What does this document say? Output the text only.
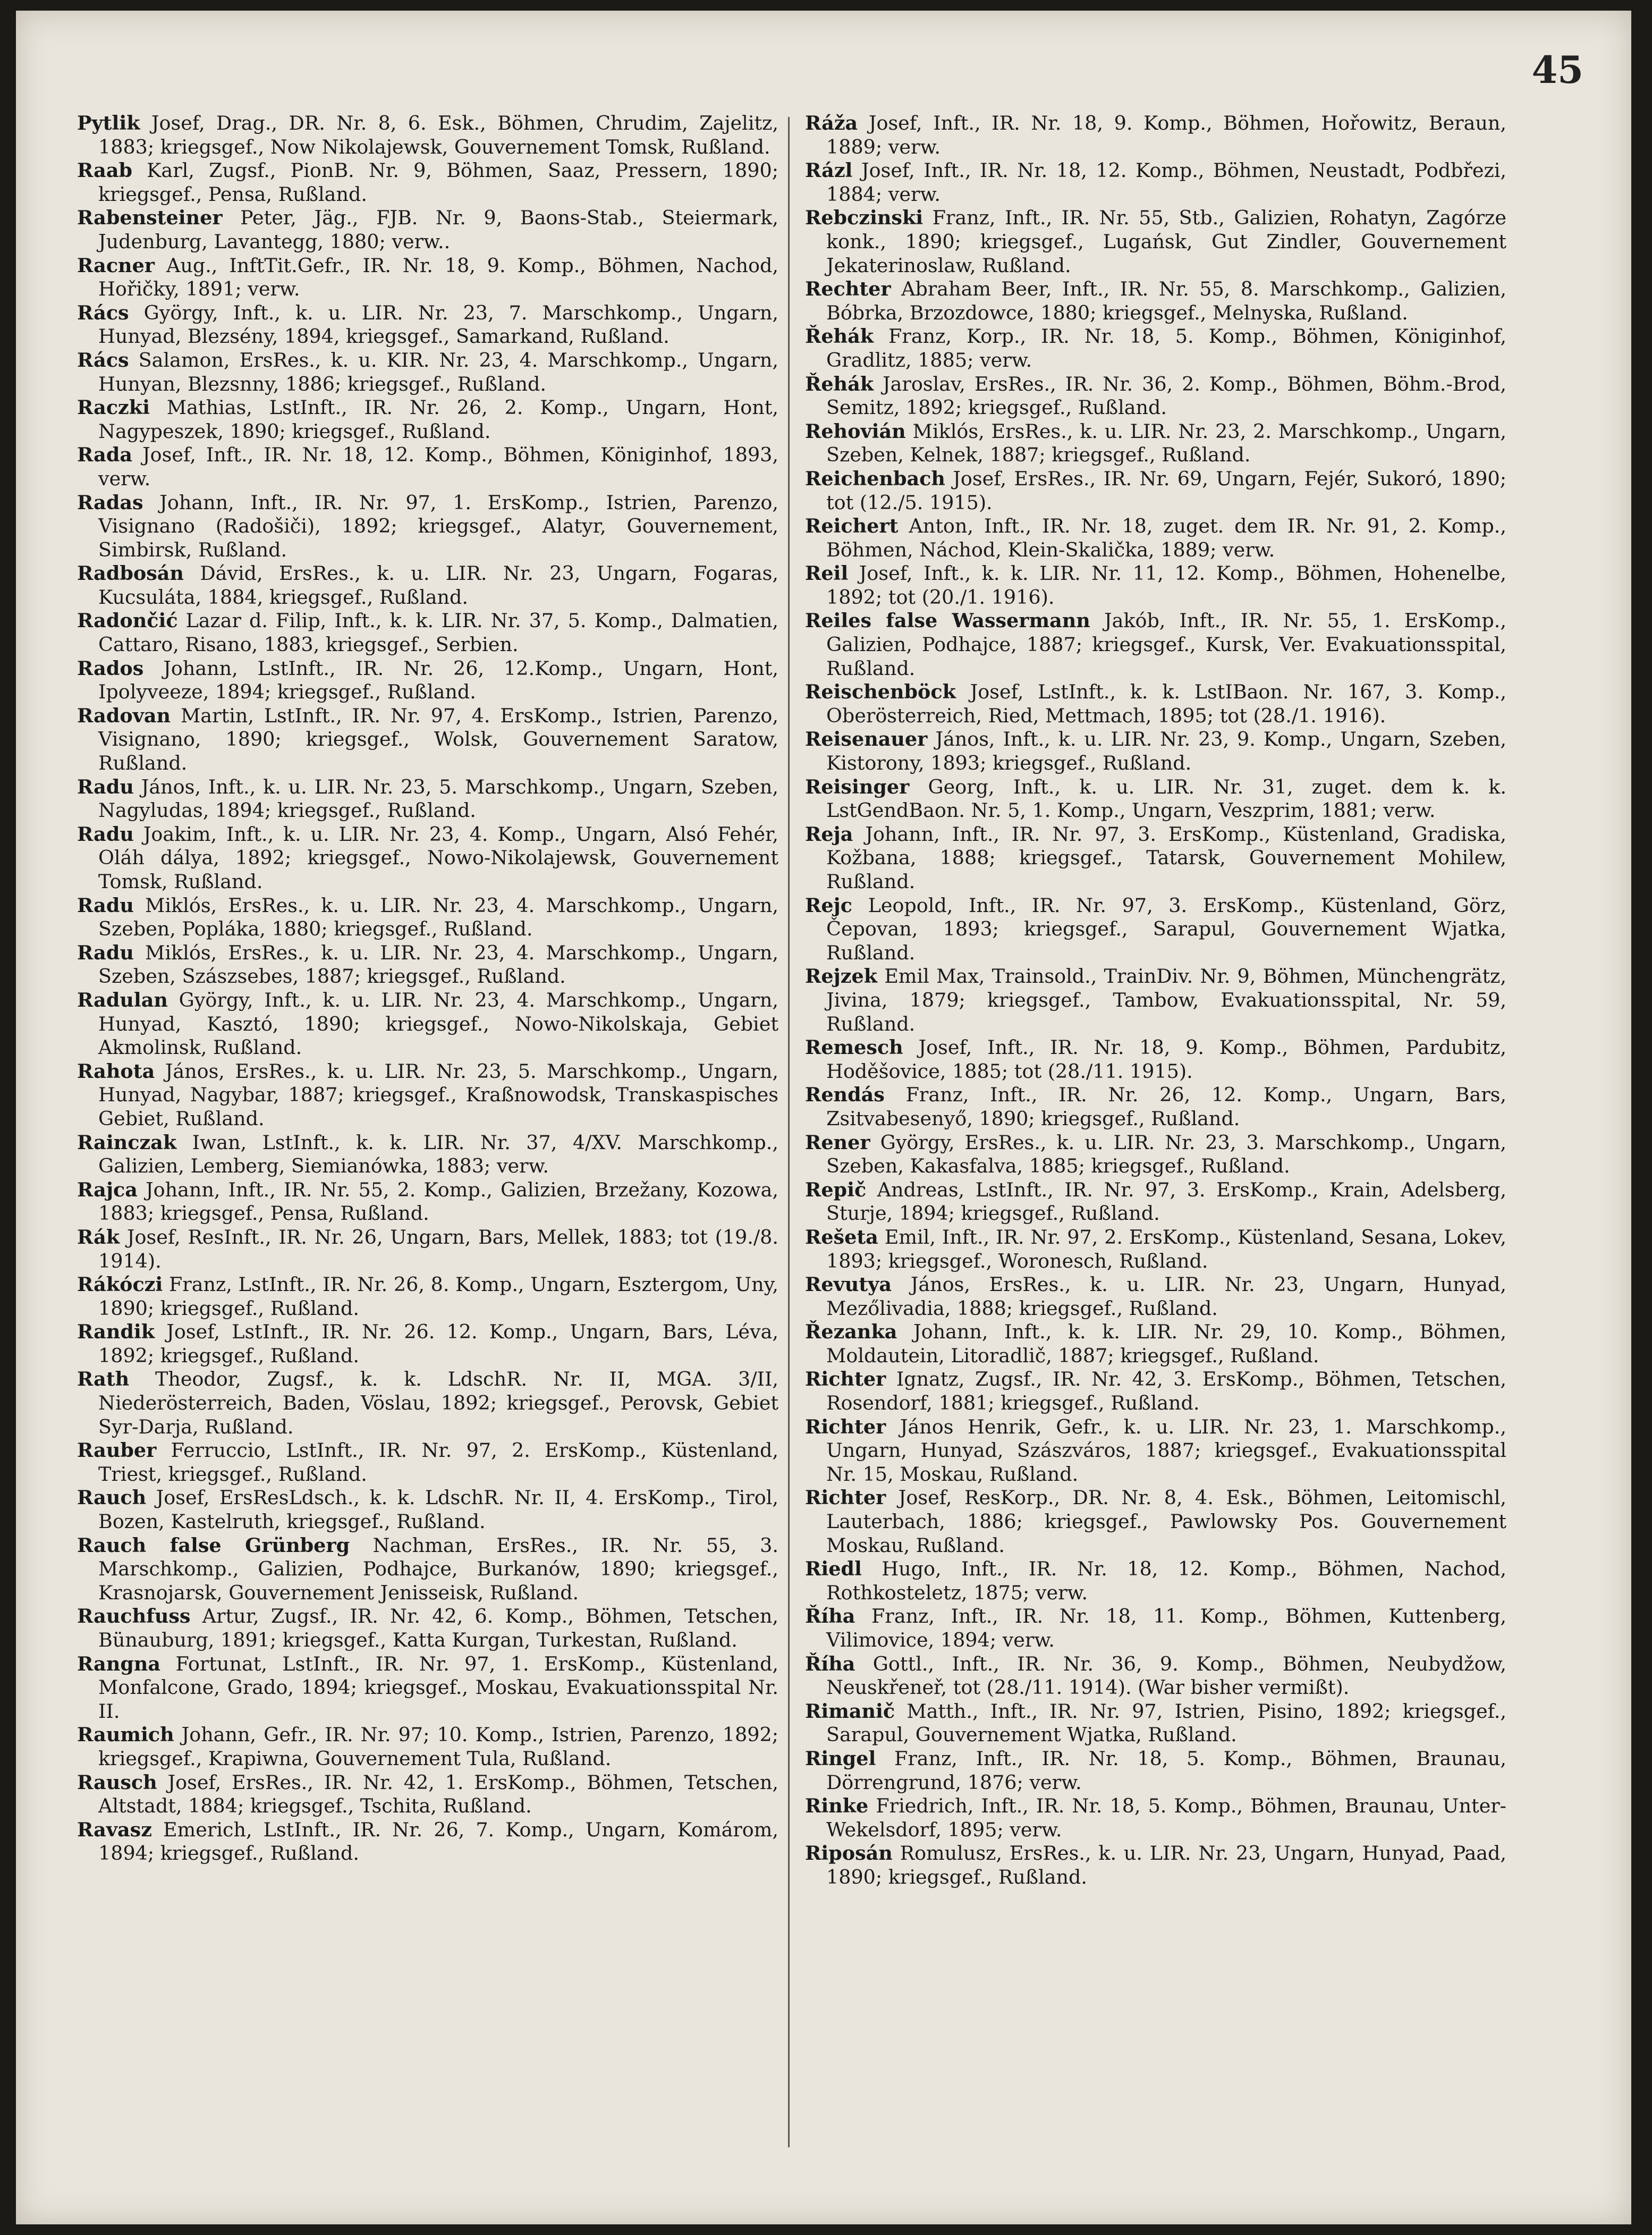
45

Pytlik Josef, Drag., DR. Nr. 8, 6. Esk., Böhmen, Chrudim, Zajelitz, 1883; kriegsgef., Now Nikolajewsk, Gouvernement Tomsk, Rußland.

Raab Karl, Zugsf., PionB. Nr. 9, Böhmen, Saaz, Pressern, 1890; kriegsgef., Pensa, Rußland.

Rabensteiner Peter, Jäg., FJB. Nr. 9, Baons-Stab., Steiermark, Judenburg, Lavantegg, 1880; verw..

Racner Aug., InftTit.Gefr., IR. Nr. 18, 9. Komp., Böhmen, Nachod, Hořičky, 1891; verw.

Rács György, Inft., k. u. LIR. Nr. 23, 7. Marschkomp., Ungarn, Hunyad, Blezsény, 1894, kriegsgef., Samarkand, Rußland.

Rács Salamon, ErsRes., k. u. KIR. Nr. 23, 4. Marschkomp., Ungarn, Hunyan, Blezsnny, 1886; kriegsgef., Rußland.

Raczki Mathias, LstInft., IR. Nr. 26, 2. Komp., Ungarn, Hont, Nagypeszek, 1890; kriegsgef., Rußland.

Rada Josef, Inft., IR. Nr. 18, 12. Komp., Böhmen, Königinhof, 1893, verw.

Radas Johann, Inft., IR. Nr. 97, 1. ErsKomp., Istrien, Parenzo, Visignano (Radošiči), 1892; kriegsgef., Alatyr, Gouvernement, Simbirsk, Rußland.

Radbosán Dávid, ErsRes., k. u. LIR. Nr. 23, Ungarn, Fogaras, Kucsuláta, 1884, kriegsgef., Rußland.

Radončić Lazar d. Filip, Inft., k. k. LIR. Nr. 37, 5. Komp., Dalmatien, Cattaro, Risano, 1883, kriegsgef., Serbien.

Rados Johann, LstInft., IR. Nr. 26, 12.Komp., Ungarn, Hont, Ipolyveeze, 1894; kriegsgef., Rußland.

Radovan Martin, LstInft., IR. Nr. 97, 4. ErsKomp., Istrien, Parenzo, Visignano, 1890; kriegsgef., Wolsk, Gouvernement Saratow, Rußland.

Radu János, Inft., k. u. LIR. Nr. 23, 5. Marschkomp., Ungarn, Szeben, Nagyludas, 1894; kriegsgef., Rußland.

Radu Joakim, Inft., k. u. LIR. Nr. 23, 4. Komp., Ungarn, Alsó Fehér, Oláh dálya, 1892; kriegsgef., Nowo-Nikolajewsk, Gouvernement Tomsk, Rußland.

Radu Miklós, ErsRes., k. u. LIR. Nr. 23, 4. Marschkomp., Ungarn, Szeben, Popláka, 1880; kriegsgef., Rußland.

Radu Miklós, ErsRes., k. u. LIR. Nr. 23, 4. Marschkomp., Ungarn, Szeben, Szászsebes, 1887; kriegsgef., Rußland.

Radulan György, Inft., k. u. LIR. Nr. 23, 4. Marschkomp., Ungarn, Hunyad, Kasztó, 1890; kriegsgef., Nowo-Nikolskaja, Gebiet Akmolinsk, Rußland.

Rahota János, ErsRes., k. u. LIR. Nr. 23, 5. Marschkomp., Ungarn, Hunyad, Nagybar, 1887; kriegsgef., Kraßnowodsk, Transkaspisches Gebiet, Rußland.

Rainczak Iwan, LstInft., k. k. LIR. Nr. 37, 4/XV. Marschkomp., Galizien, Lemberg, Siemianówka, 1883; verw.

Rajca Johann, Inft., IR. Nr. 55, 2. Komp., Galizien, Brzežany, Kozowa, 1883; kriegsgef., Pensa, Rußland.

Rák Josef, ResInft., IR. Nr. 26, Ungarn, Bars, Mellek, 1883; tot (19./8. 1914).

Rákóczi Franz, LstInft., IR. Nr. 26, 8. Komp., Ungarn, Esztergom, Uny, 1890; kriegsgef., Rußland.

Randik Josef, LstInft., IR. Nr. 26. 12. Komp., Ungarn, Bars, Léva, 1892; kriegsgef., Rußland.

Rath Theodor, Zugsf., k. k. LdschR. Nr. II, MGA. 3/II, Niederösterreich, Baden, Vöslau, 1892; kriegsgef., Perovsk, Gebiet Syr-Darja, Rußland.

Rauber Ferruccio, LstInft., IR. Nr. 97, 2. ErsKomp., Küstenland, Triest, kriegsgef., Rußland.

Rauch Josef, ErsResLdsch., k. k. LdschR. Nr. II, 4. ErsKomp., Tirol, Bozen, Kastelruth, kriegsgef., Rußland.

Rauch false Grünberg Nachman, ErsRes., IR. Nr. 55, 3. Marschkomp., Galizien, Podhajce, Burkanów, 1890; kriegsgef., Krasnojarsk, Gouvernement Jenisseisk, Rußland.

Rauchfuss Artur, Zugsf., IR. Nr. 42, 6. Komp., Böhmen, Tetschen, Bünauburg, 1891; kriegsgef., Katta Kurgan, Turkestan, Rußland.

Rangna Fortunat, LstInft., IR. Nr. 97, 1. ErsKomp., Küstenland, Monfalcone, Grado, 1894; kriegsgef., Moskau, Evakuationsspital Nr. II.

Raumich Johann, Gefr., IR. Nr. 97; 10. Komp., Istrien, Parenzo, 1892; kriegsgef., Krapiwna, Gouvernement Tula, Rußland.

Rausch Josef, ErsRes., IR. Nr. 42, 1. ErsKomp., Böhmen, Tetschen, Altstadt, 1884; kriegsgef., Tschita, Rußland.

Ravasz Emerich, LstInft., IR. Nr. 26, 7. Komp., Ungarn, Komárom, 1894; kriegsgef., Rußland.

Ráža Josef, Inft., IR. Nr. 18, 9. Komp., Böhmen, Hořowitz, Beraun, 1889; verw.

Rázl Josef, Inft., IR. Nr. 18, 12. Komp., Böhmen, Neustadt, Podbřezi, 1884; verw.

Rebczinski Franz, Inft., IR. Nr. 55, Stb., Galizien, Rohatyn, Zagórze konk., 1890; kriegsgef., Lugańsk, Gut Zindler, Gouvernement Jekaterinoslaw, Rußland.

Rechter Abraham Beer, Inft., IR. Nr. 55, 8. Marschkomp., Galizien, Bóbrka, Brzozdowce, 1880; kriegsgef., Melnyska, Rußland.

Řehák Franz, Korp., IR. Nr. 18, 5. Komp., Böhmen, Königinhof, Gradlitz, 1885; verw.

Řehák Jaroslav, ErsRes., IR. Nr. 36, 2. Komp., Böhmen, Böhm.-Brod, Semitz, 1892; kriegsgef., Rußland.

Rehovián Miklós, ErsRes., k. u. LIR. Nr. 23, 2. Marschkomp., Ungarn, Szeben, Kelnek, 1887; kriegsgef., Rußland.

Reichenbach Josef, ErsRes., IR. Nr. 69, Ungarn, Fejér, Sukoró, 1890; tot (12./5. 1915).

Reichert Anton, Inft., IR. Nr. 18, zuget. dem IR. Nr. 91, 2. Komp., Böhmen, Náchod, Klein-Skalička, 1889; verw.

Reil Josef, Inft., k. k. LIR. Nr. 11, 12. Komp., Böhmen, Hohenelbe, 1892; tot (20./1. 1916).

Reiles false Wassermann Jakób, Inft., IR. Nr. 55, 1. ErsKomp., Galizien, Podhajce, 1887; kriegsgef., Kursk, Ver. Evakuationsspital, Rußland.

Reischenböck Josef, LstInft., k. k. LstIBaon. Nr. 167, 3. Komp., Oberösterreich, Ried, Mettmach, 1895; tot (28./1. 1916).

Reisenauer János, Inft., k. u. LIR. Nr. 23, 9. Komp., Ungarn, Szeben, Kistorony, 1893; kriegsgef., Rußland.

Reisinger Georg, Inft., k. u. LIR. Nr. 31, zuget. dem k. k. LstGendBaon. Nr. 5, 1. Komp., Ungarn, Veszprim, 1881; verw.

Reja Johann, Inft., IR. Nr. 97, 3. ErsKomp., Küstenland, Gradiska, Kožbana, 1888; kriegsgef., Tatarsk, Gouvernement Mohilew, Rußland.

Rejc Leopold, Inft., IR. Nr. 97, 3. ErsKomp., Küstenland, Görz, Čepovan, 1893; kriegsgef., Sarapul, Gouvernement Wjatka, Rußland.

Rejzek Emil Max, Trainsold., TrainDiv. Nr. 9, Böhmen, Münchengrätz, Jivina, 1879; kriegsgef., Tambow, Evakuationsspital, Nr. 59, Rußland.

Remesch Josef, Inft., IR. Nr. 18, 9. Komp., Böhmen, Pardubitz, Hoděšovice, 1885; tot (28./11. 1915).

Rendás Franz, Inft., IR. Nr. 26, 12. Komp., Ungarn, Bars, Zsitvabesenyő, 1890; kriegsgef., Rußland.

Rener György, ErsRes., k. u. LIR. Nr. 23, 3. Marschkomp., Ungarn, Szeben, Kakasfalva, 1885; kriegsgef., Rußland.

Repič Andreas, LstInft., IR. Nr. 97, 3. ErsKomp., Krain, Adelsberg, Sturje, 1894; kriegsgef., Rußland.

Rešeta Emil, Inft., IR. Nr. 97, 2. ErsKomp., Küstenland, Sesana, Lokev, 1893; kriegsgef., Woronesch, Rußland.

Revutya János, ErsRes., k. u. LIR. Nr. 23, Ungarn, Hunyad, Mezőlivadia, 1888; kriegsgef., Rußland.

Řezanka Johann, Inft., k. k. LIR. Nr. 29, 10. Komp., Böhmen, Moldautein, Litoradlič, 1887; kriegsgef., Rußland.

Richter Ignatz, Zugsf., IR. Nr. 42, 3. ErsKomp., Böhmen, Tetschen, Rosendorf, 1881; kriegsgef., Rußland.

Richter János Henrik, Gefr., k. u. LIR. Nr. 23, 1. Marschkomp., Ungarn, Hunyad, Szászváros, 1887; kriegsgef., Evakuationsspital Nr. 15, Moskau, Rußland.

Richter Josef, ResKorp., DR. Nr. 8, 4. Esk., Böhmen, Leitomischl, Lauterbach, 1886; kriegsgef., Pawlowsky Pos. Gouvernement Moskau, Rußland.

Riedl Hugo, Inft., IR. Nr. 18, 12. Komp., Böhmen, Nachod, Rothkosteletz, 1875; verw.

Říha Franz, Inft., IR. Nr. 18, 11. Komp., Böhmen, Kuttenberg, Vilimovice, 1894; verw.

Říha Gottl., Inft., IR. Nr. 36, 9. Komp., Böhmen, Neubydžow, Neuskřeneř, tot (28./11. 1914). (War bisher vermißt).

Rimanič Matth., Inft., IR. Nr. 97, Istrien, Pisino, 1892; kriegsgef., Sarapul, Gouvernement Wjatka, Rußland.

Ringel Franz, Inft., IR. Nr. 18, 5. Komp., Böhmen, Braunau, Dörrengrund, 1876; verw.

Rinke Friedrich, Inft., IR. Nr. 18, 5. Komp., Böhmen, Braunau, Unter-Wekelsdorf, 1895; verw.

Riposán Romulusz, ErsRes., k. u. LIR. Nr. 23, Ungarn, Hunyad, Paad, 1890; kriegsgef., Rußland.
